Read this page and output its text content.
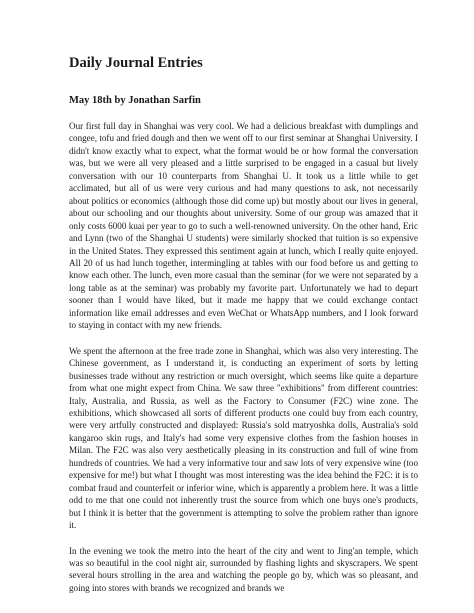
Daily Journal Entries
May 18th by Jonathan Sarfin

Our first full day in Shanghai was very cool. We had a delicious breakfast with dumplings and congee, tofu and fried dough and then we went off to our first seminar at Shanghai University. I didn't know exactly what to expect, what the format would be or how formal the conversation was, but we were all very pleased and a little surprised to be engaged in a casual but lively conversation with our 10 counterparts from Shanghai U. It took us a little while to get acclimated, but all of us were very curious and had many questions to ask, not necessarily about politics or economics (although those did come up) but mostly about our lives in general, about our schooling and our thoughts about university. Some of our group was amazed that it only costs 6000 kuai per year to go to such a well-renowned university. On the other hand, Eric and Lynn (two of the Shanghai U students) were similarly shocked that tuition is so expensive in the United States. They expressed this sentiment again at lunch, which I really quite enjoyed. All 20 of us had lunch together, intermingling at tables with our food before us and getting to know each other. The lunch, even more casual than the seminar (for we were not separated by a long table as at the seminar) was probably my favorite part. Unfortunately we had to depart sooner than I would have liked, but it made me happy that we could exchange contact information like email addresses and even WeChat or WhatsApp numbers, and I look forward to staying in contact with my new friends.

We spent the afternoon at the free trade zone in Shanghai, which was also very interesting. The Chinese government, as I understand it, is conducting an experiment of sorts by letting businesses trade without any restriction or much oversight, which seems like quite a departure from what one might expect from China. We saw three "exhibitions" from different countries: Italy, Australia, and Russia, as well as the Factory to Consumer (F2C) wine zone. The exhibitions, which showcased all sorts of different products one could buy from each country, were very artfully constructed and displayed: Russia's sold matryoshka dolls, Australia's sold kangaroo skin rugs, and Italy's had some very expensive clothes from the fashion houses in Milan. The F2C was also very aesthetically pleasing in its construction and full of wine from hundreds of countries. We had a very informative tour and saw lots of very expensive wine (too expensive for me!) but what I thought was most interesting was the idea behind the F2C: it is to combat fraud and counterfeit or inferior wine, which is apparently a problem here. It was a little odd to me that one could not inherently trust the source from which one buys one's products, but I think it is better that the government is attempting to solve the problem rather than ignore it.

In the evening we took the metro into the heart of the city and went to Jing'an temple, which was so beautiful in the cool night air, surrounded by flashing lights and skyscrapers. We spent several hours strolling in the area and watching the people go by, which was so pleasant, and going into stores with brands we recognized and brands we
